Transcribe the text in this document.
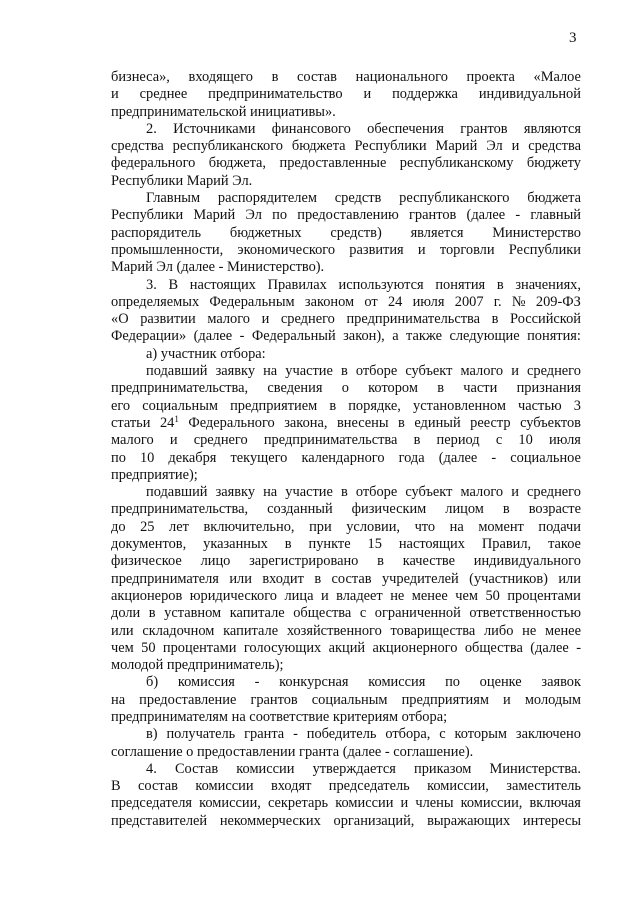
3
бизнеса», входящего в состав национального проекта «Малое
и среднее предпринимательство и поддержка индивидуальной
предпринимательской инициативы».
2. Источниками финансового обеспечения грантов являются
средства республиканского бюджета Республики Марий Эл и средства
федерального бюджета, предоставленные республиканскому бюджету
Республики Марий Эл.
Главным распорядителем средств республиканского бюджета
Республики Марий Эл по предоставлению грантов (далее - главный
распорядитель бюджетных средств) является Министерство
промышленности, экономического развития и торговли Республики
Марий Эл (далее - Министерство).
3. В настоящих Правилах используются понятия в значениях,
определяемых Федеральным законом от 24 июля 2007 г. № 209-ФЗ
«О развитии малого и среднего предпринимательства в Российской
Федерации» (далее - Федеральный закон), а также следующие понятия:
а) участник отбора:
подавший заявку на участие в отборе субъект малого и среднего
предпринимательства, сведения о котором в части признания
его социальным предприятием в порядке, установленном частью 3
статьи $24^1$ Федерального закона, внесены в единый реестр субъектов
малого и среднего предпринимательства в период с 10 июля
по 10 декабря текущего календарного года (далее - социальное
предприятие);
подавший заявку на участие в отборе субъект малого и среднего
предпринимательства, созданный физическим лицом в возрасте
до 25 лет включительно, при условии, что на момент подачи
документов, указанных в пункте 15 настоящих Правил, такое
физическое лицо зарегистрировано в качестве индивидуального
предпринимателя или входит в состав учредителей (участников) или
акционеров юридического лица и владеет не менее чем 50 процентами
доли в уставном капитале общества с ограниченной ответственностью
или складочном капитале хозяйственного товарищества либо не менее
чем 50 процентами голосующих акций акционерного общества (далее -
молодой предприниматель);
б) комиссия - конкурсная комиссия по оценке заявок
на предоставление грантов социальным предприятиям и молодым
предпринимателям на соответствие критериям отбора;
в) получатель гранта - победитель отбора, с которым заключено
соглашение о предоставлении гранта (далее - соглашение).
4. Состав комиссии утверждается приказом Министерства.
В состав комиссии входят председатель комиссии, заместитель
председателя комиссии, секретарь комиссии и члены комиссии, включая
представителей некоммерческих организаций, выражающих интересы
